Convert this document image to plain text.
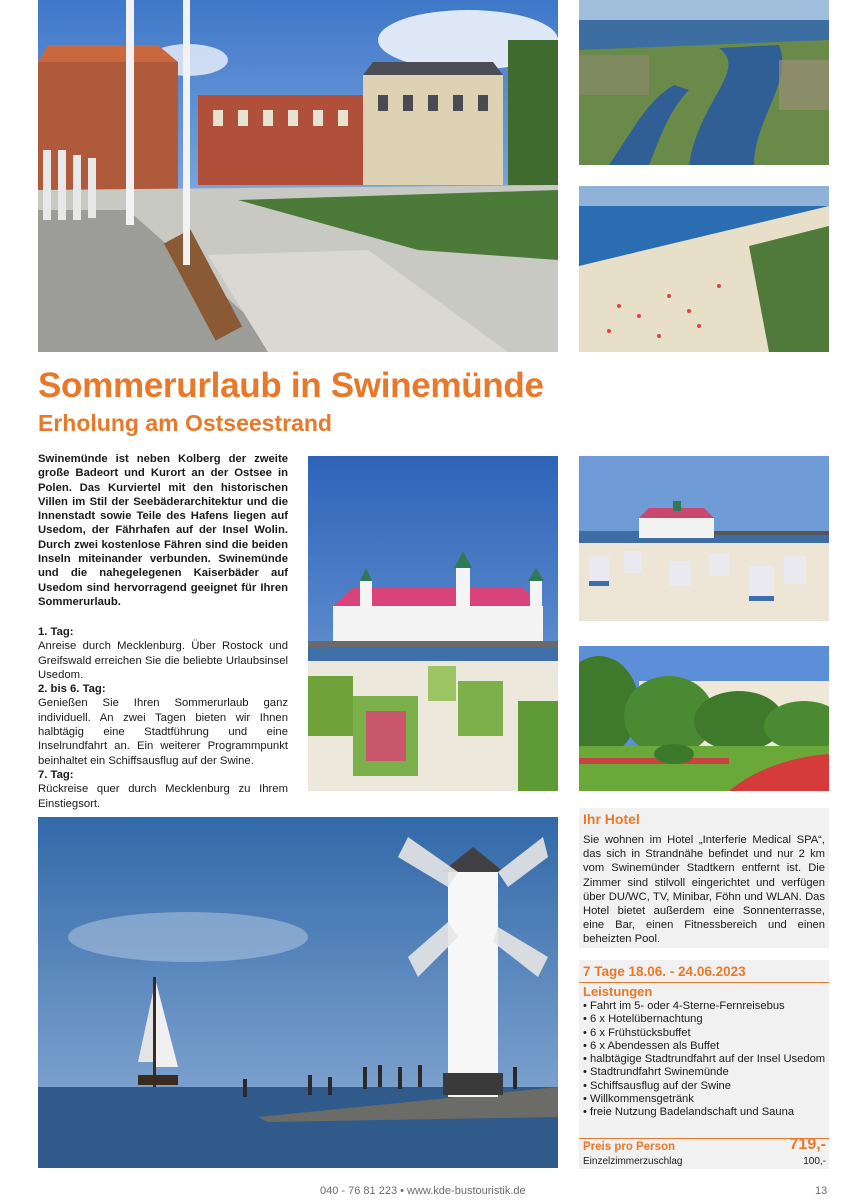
Sommerurlaub in Swinemünde
Erholung am Ostseestrand

Swinemünde ist neben Kolberg der zweite große Badeort und Kurort an der Ostsee in Polen. Das Kurviertel mit den historischen Villen im Stil der Seebäderarchitektur und die Innenstadt sowie Teile des Hafens liegen auf Usedom, der Fährhafen auf der Insel Wolin. Durch zwei kostenlose Fähren sind die beiden Inseln miteinander verbunden. Swinemünde und die nahegelegenen Kaiserbäder auf Usedom sind hervorragend geeignet für Ihren Sommerurlaub.

1. Tag:
Anreise durch Mecklenburg. Über Rostock und Greifswald erreichen Sie die beliebte Urlaubsinsel Usedom.
2. bis 6. Tag:
Genießen Sie Ihren Sommerurlaub ganz individuell. An zwei Tagen bieten wir Ihnen halbtägig eine Stadtführung und eine Inselrundfahrt an. Ein weiterer Programmpunkt beinhaltet ein Schiffsausflug auf der Swine.
7. Tag:
Rückreise quer durch Mecklenburg zu Ihrem Einstiegsort.
Ihr Hotel

Sie wohnen im Hotel „Interferie Medical SPA“, das sich in Strandnähe befindet und nur 2 km vom Swinemünder Stadtkern entfernt ist. Die Zimmer sind stilvoll eingerichtet und verfügen über DU/WC, TV, Minibar, Föhn und WLAN. Das Hotel bietet außerdem eine Sonnenterrasse, eine Bar, einen Fitnessbereich und einen beheizten Pool.

7 Tage 18.06. - 24.06.2023
Leistungen
• Fahrt im 5- oder 4-Sterne-Fernreisebus
• 6 x Hotelübernachtung
• 6 x Frühstücksbuffet
• 6 x Abendessen als Buffet
• halbtägige Stadtrundfahrt auf der Insel Usedom
• Stadtrundfahrt Swinemünde
• Schiffsausflug auf der Swine
• Willkommensgetränk
• freie Nutzung Badelandschaft und Sauna
Preis pro Person	719,-
Einzelzimmerzuschlag	100,-
040 - 76 81 223 • www.kde-bustouristik.de	13
